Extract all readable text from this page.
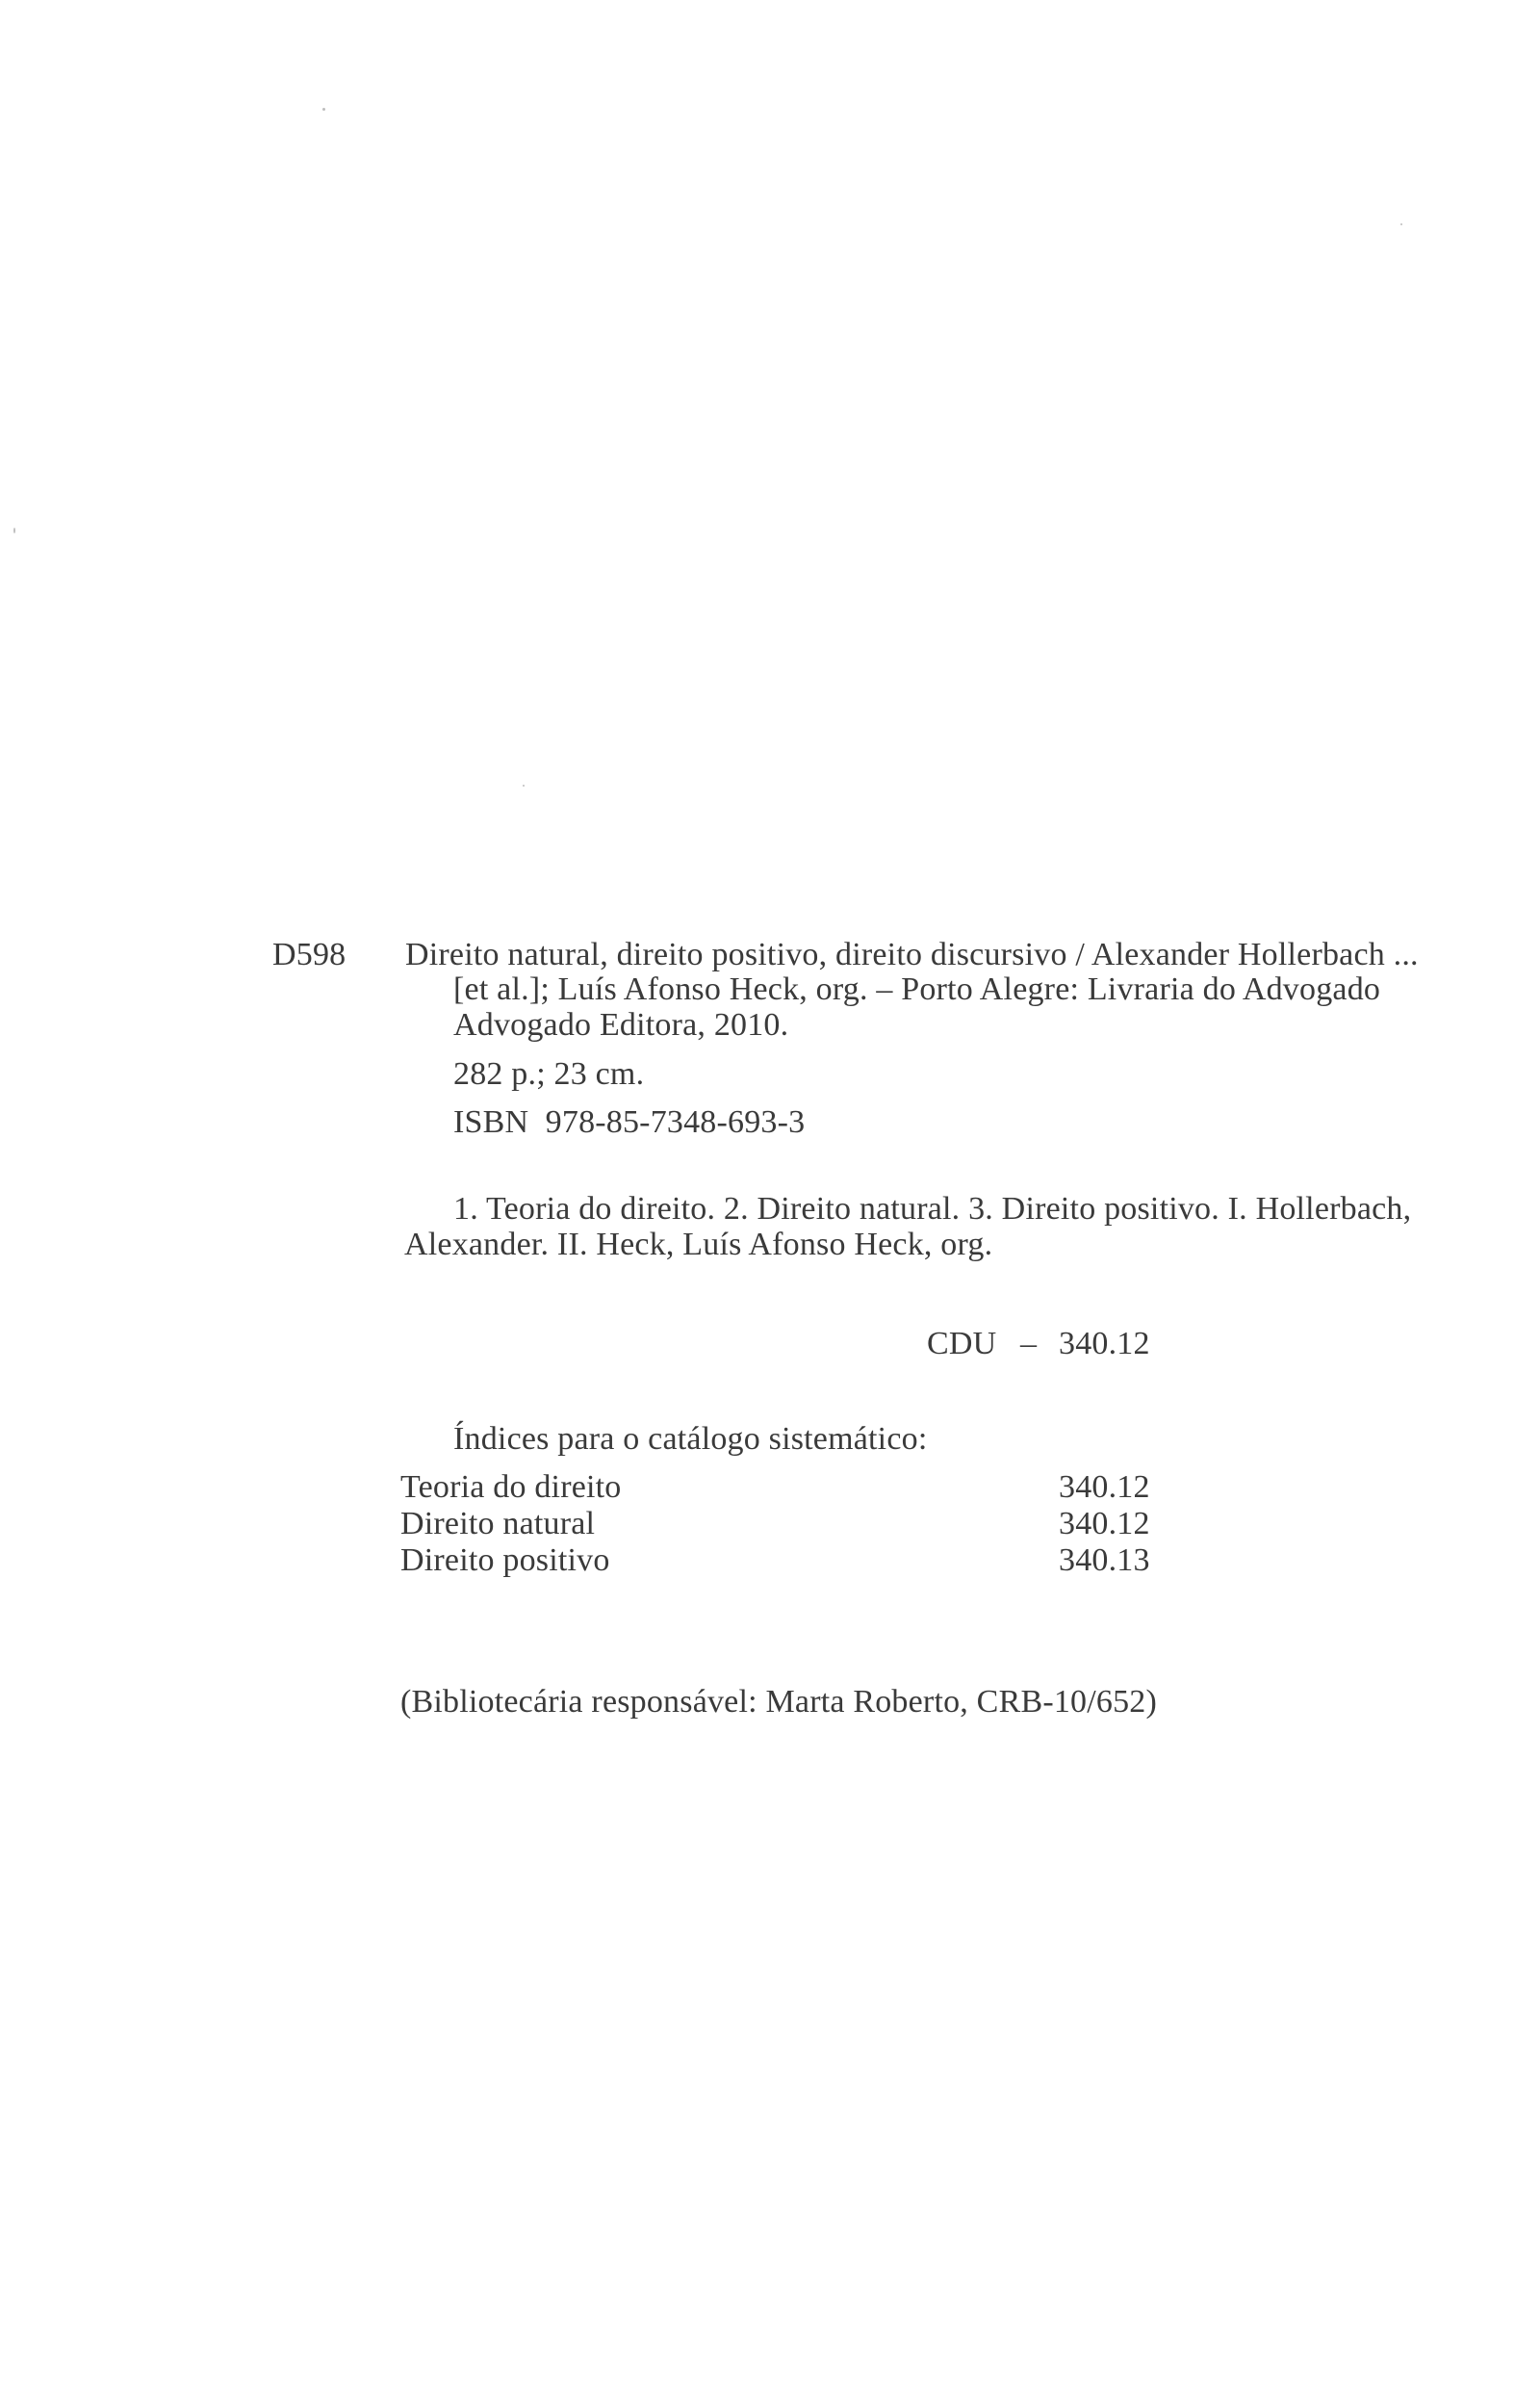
D598 Direito natural, direito positivo, direito discursivo / Alexander Hollerbach ...
[et al.]; Luís Afonso Heck, org. – Porto Alegre: Livraria do Advogado
Advogado Editora, 2010.
282 p.; 23 cm.
ISBN  978-85-7348-693-3
1. Teoria do direito. 2. Direito natural. 3. Direito positivo. I. Hollerbach,
Alexander. II. Heck, Luís Afonso Heck, org.
CDU – 340.12
Índices para o catálogo sistemático:
Teoria do direito	340.12
Direito natural	340.12
Direito positivo	340.13
(Bibliotecária responsável: Marta Roberto, CRB-10/652)
